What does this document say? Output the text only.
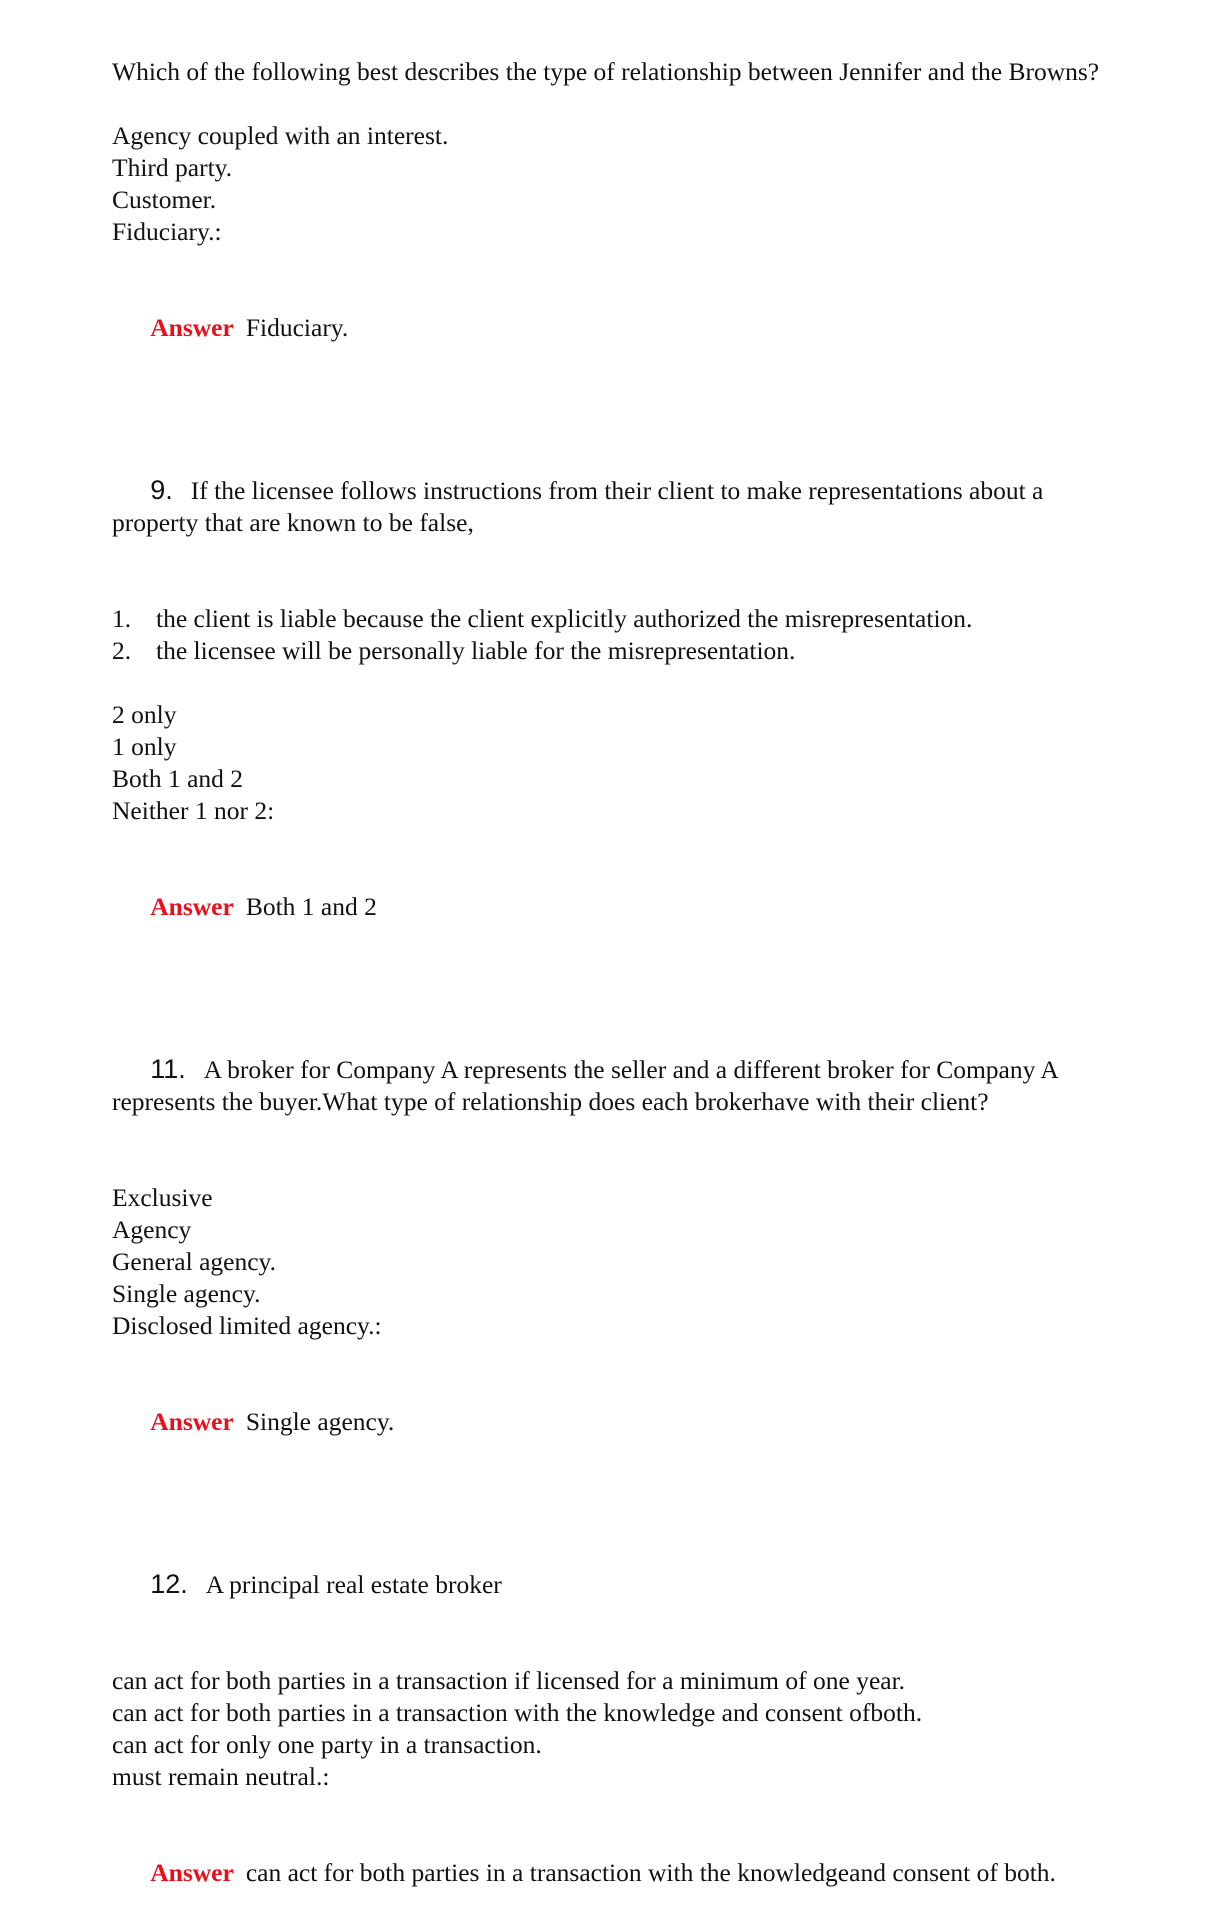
Which of the following best describes the type of relationship between Jennifer and the Browns?
Agency coupled with an interest.
Third party.
Customer.
Fiduciary.:

Answer Fiduciary.

9. If the licensee follows instructions from their client to make representations about a property that are known to be false,

1. the client is liable because the client explicitly authorized the misrepresentation.
2. the licensee will be personally liable for the misrepresentation.
2 only
1 only
Both 1 and 2
Neither 1 nor 2:

Answer Both 1 and 2

11. A broker for Company A represents the seller and a different broker for Company A represents the buyer.What type of relationship does each brokerhave with their client?

Exclusive
Agency
General agency.
Single agency.
Disclosed limited agency.:

Answer Single agency.

12. A principal real estate broker

can act for both parties in a transaction if licensed for a minimum of one year.
can act for both parties in a transaction with the knowledge and consent ofboth.
can act for only one party in a transaction.
must remain neutral.:

Answer can act for both parties in a transaction with the knowledgeand consent of both.
